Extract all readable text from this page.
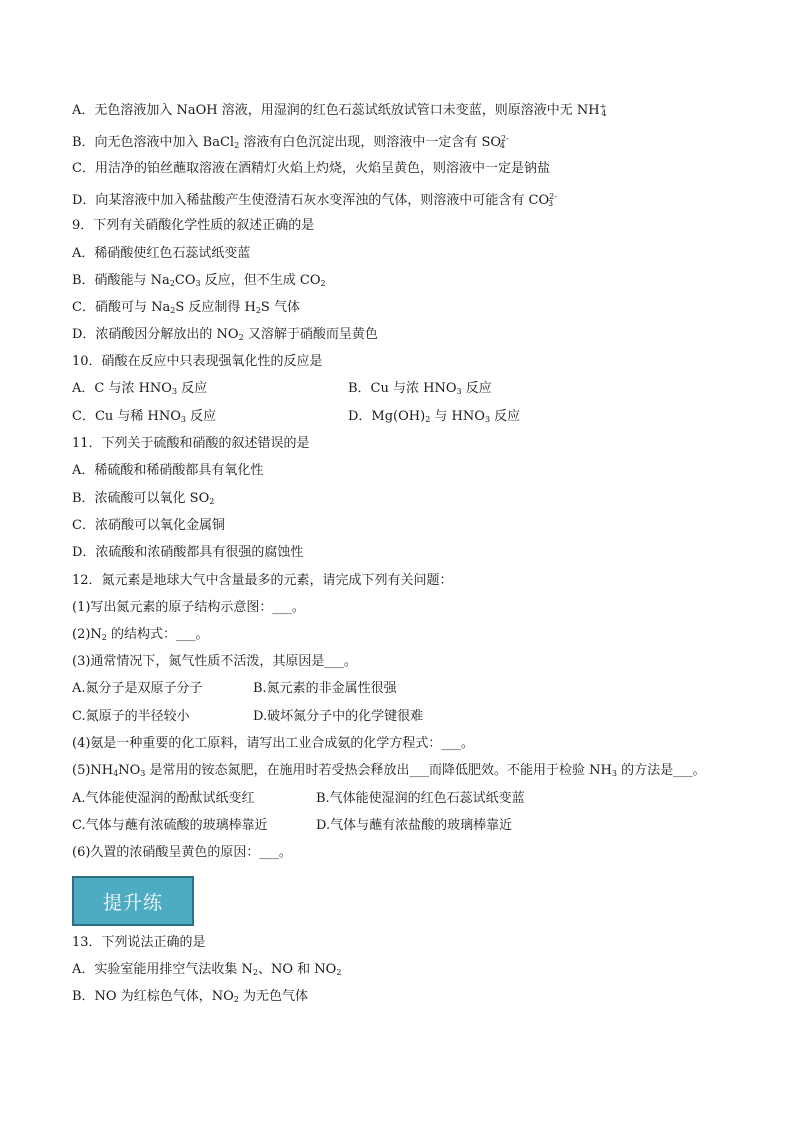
A．无色溶液加入 NaOH 溶液，用湿润的红色石蕊试纸放试管口未变蓝，则原溶液中无 $NH^+_4$
B．向无色溶液中加入 BaCl$_2$ 溶液有白色沉淀出现，则溶液中一定含有 $SO^{2-}_4$
C．用洁净的铂丝蘸取溶液在酒精灯火焰上灼烧，火焰呈黄色，则溶液中一定是钠盐
D．向某溶液中加入稀盐酸产生使澄清石灰水变浑浊的气体，则溶液中可能含有 $CO^{2-}_3$
9．下列有关硝酸化学性质的叙述正确的是
A．稀硝酸使红色石蕊试纸变蓝
B．硝酸能与 $Na_2CO_3$ 反应，但不生成 $CO_2$
C．硝酸可与 $Na_2S$ 反应制得 $H_2S$ 气体
D．浓硝酸因分解放出的 $NO_2$ 又溶解于硝酸而呈黄色
10．硝酸在反应中只表现强氧化性的反应是
A．C 与浓 $HNO_3$ 反应	B．Cu 与浓 $HNO_3$ 反应
C．Cu 与稀 $HNO_3$ 反应	D．$Mg(OH)_2$ 与 $HNO_3$ 反应
11．下列关于硫酸和硝酸的叙述错误的是
A．稀硫酸和稀硝酸都具有氧化性
B．浓硫酸可以氧化 $SO_2$
C．浓硝酸可以氧化金属铜
D．浓硫酸和浓硝酸都具有很强的腐蚀性
12．氮元素是地球大气中含量最多的元素，请完成下列有关问题：
(1)写出氮元素的原子结构示意图：___。
$(2)N_2$ 的结构式：___。
(3)通常情况下，氮气性质不活泼，其原因是___。
A.氮分子是双原子分子	B.氮元素的非金属性很强
C.氮原子的半径较小	D.破坏氮分子中的化学键很难
(4)氨是一种重要的化工原料，请写出工业合成氨的化学方程式：___。
$(5)NH_4NO_3$ 是常用的铵态氮肥，在施用时若受热会释放出___而降低肥效。不能用于检验 $NH_3$ 的方法是___。
A.气体能使湿润的酚酞试纸变红	B.气体能使湿润的红色石蕊试纸变蓝
C.气体与蘸有浓硫酸的玻璃棒靠近	D.气体与蘸有浓盐酸的玻璃棒靠近
(6)久置的浓硝酸呈黄色的原因：___。
提升练
13．下列说法正确的是
A．实验室能用排空气法收集 $N_2$、NO 和 $NO_2$
B．NO 为红棕色气体，$NO_2$ 为无色气体
